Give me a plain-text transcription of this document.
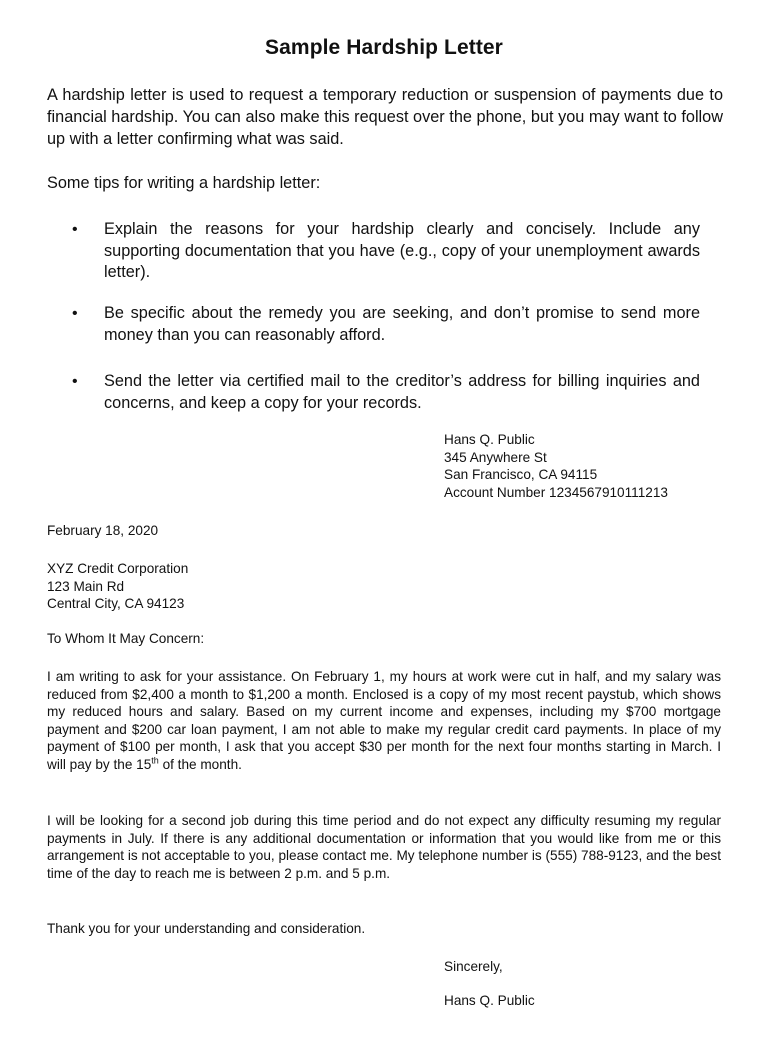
Sample Hardship Letter

A hardship letter is used to request a temporary reduction or suspension of payments due to financial hardship. You can also make this request over the phone, but you may want to follow up with a letter confirming what was said.

Some tips for writing a hardship letter:

• Explain the reasons for your hardship clearly and concisely. Include any supporting documentation that you have (e.g., copy of your unemployment awards letter).

• Be specific about the remedy you are seeking, and don’t promise to send more money than you can reasonably afford.

• Send the letter via certified mail to the creditor’s address for billing inquiries and concerns, and keep a copy for your records.

Hans Q. Public
345 Anywhere St
San Francisco, CA 94115
Account Number 1234567910111213

February 18, 2020

XYZ Credit Corporation
123 Main Rd
Central City, CA 94123

To Whom It May Concern:

I am writing to ask for your assistance. On February 1, my hours at work were cut in half, and my salary was reduced from $2,400 a month to $1,200 a month. Enclosed is a copy of my most recent paystub, which shows my reduced hours and salary. Based on my current income and expenses, including my $700 mortgage payment and $200 car loan payment, I am not able to make my regular credit card payments. In place of my payment of $100 per month, I ask that you accept $30 per month for the next four months starting in March. I will pay by the 15th of the month.

I will be looking for a second job during this time period and do not expect any difficulty resuming my regular payments in July. If there is any additional documentation or information that you would like from me or this arrangement is not acceptable to you, please contact me. My telephone number is (555) 788-9123, and the best time of the day to reach me is between 2 p.m. and 5 p.m.

Thank you for your understanding and consideration.

Sincerely,

Hans Q. Public
